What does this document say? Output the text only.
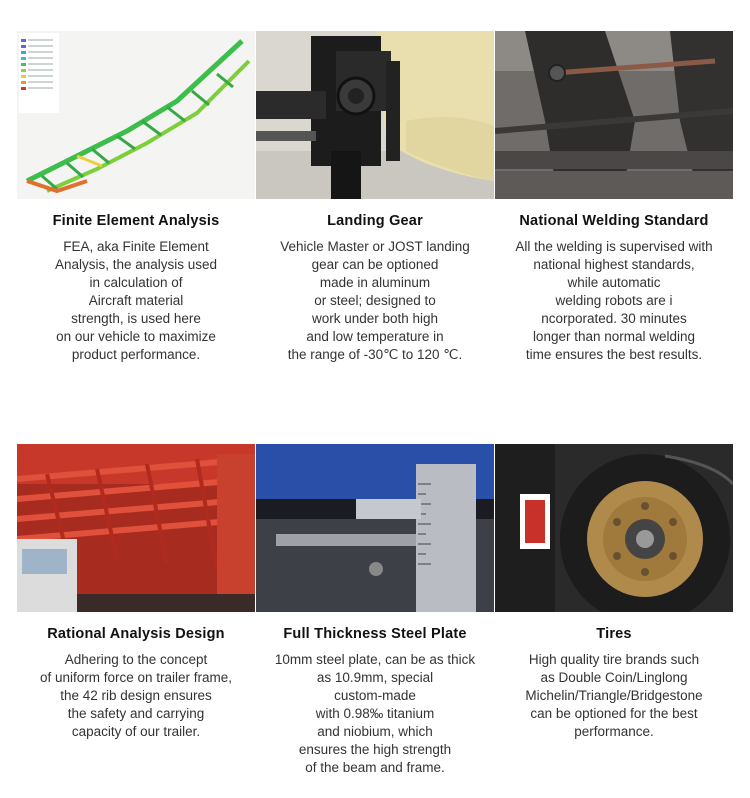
Finite Element Analysis
FEA, aka Finite Element
Analysis, the analysis used
in calculation of
Aircraft material
strength, is used here
on our vehicle to maximize
product performance.
Landing Gear
Vehicle Master or JOST landing
gear can be optioned
made in aluminum
or steel; designed to
work under both high
and low temperature in
the range of -30℃ to 120 ℃.
National Welding Standard
All the welding is supervised with
national highest standards,
while automatic
welding robots are i
ncorporated. 30 minutes
longer than normal welding
time ensures the best results.
Rational Analysis Design
Adhering to the concept
of uniform force on trailer frame,
the 42 rib design ensures
the safety and carrying
capacity of our trailer.
Full Thickness Steel Plate
10mm steel plate, can be as thick
as 10.9mm, special
custom-made
with 0.98‰ titanium
and niobium, which
ensures the high strength
of the beam and frame.
Tires
High quality tire brands such
as Double Coin/Linglong
Michelin/Triangle/Bridgestone
can be optioned for the best
performance.
